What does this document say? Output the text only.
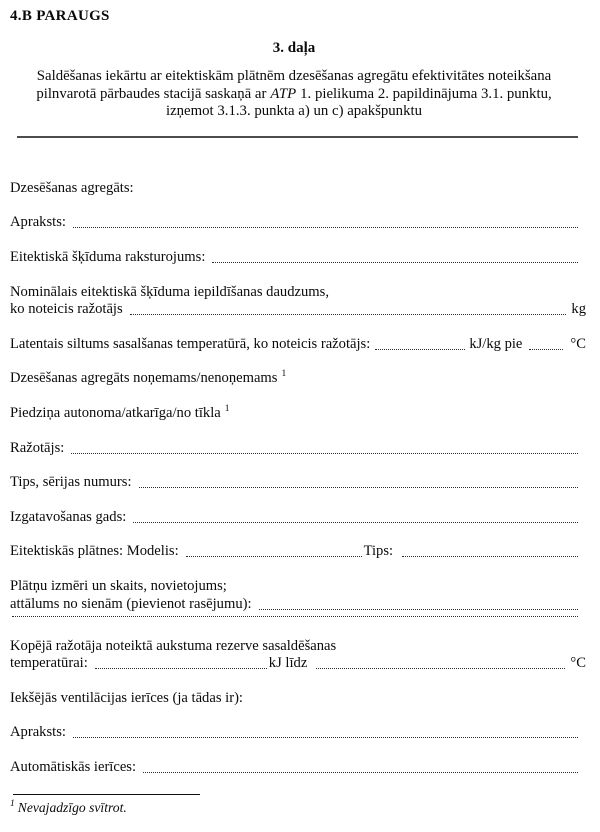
4.B PARAUGS
3. daļa
Saldēšanas iekārtu ar eitektiskām plātnēm dzesēšanas agregātu efektivitātes noteikšana
pilnvarotā pārbaudes stacijā saskaņā ar ATP 1. pielikuma 2. papildinājuma 3.1. punktu,
izņemot 3.1.3. punkta a) un c) apakšpunktu
Dzesēšanas agregāts:
Apraksts:
Eitektiskā šķīduma raksturojums:
Nominālais eitektiskā šķīduma iepildīšanas daudzums,
ko noteicis ražotājs	kg
Latentais siltums sasalšanas temperatūrā, ko noteicis ražotājs:	kJ/kg pie	°C
Dzesēšanas agregāts noņemams/nenoņemams $^1$
Piedziņa autonoma/atkarīga/no tīkla $^1$
Ražotājs:
Tips, sērijas numurs:
Izgatavošanas gads:
Eitektiskās plātnes: Modelis:	Tips:
Plātņu izmēri un skaits, novietojums;
attālums no sienām (pievienot rasējumu):
Kopējā ražotāja noteiktā aukstuma rezerve sasaldēšanas
temperatūrai:	kJ līdz	°C
Iekšējās ventilācijas ierīces (ja tādas ir):
Apraksts:
Automātiskās ierīces:
$^1$ Nevajadzīgo svītrot.
